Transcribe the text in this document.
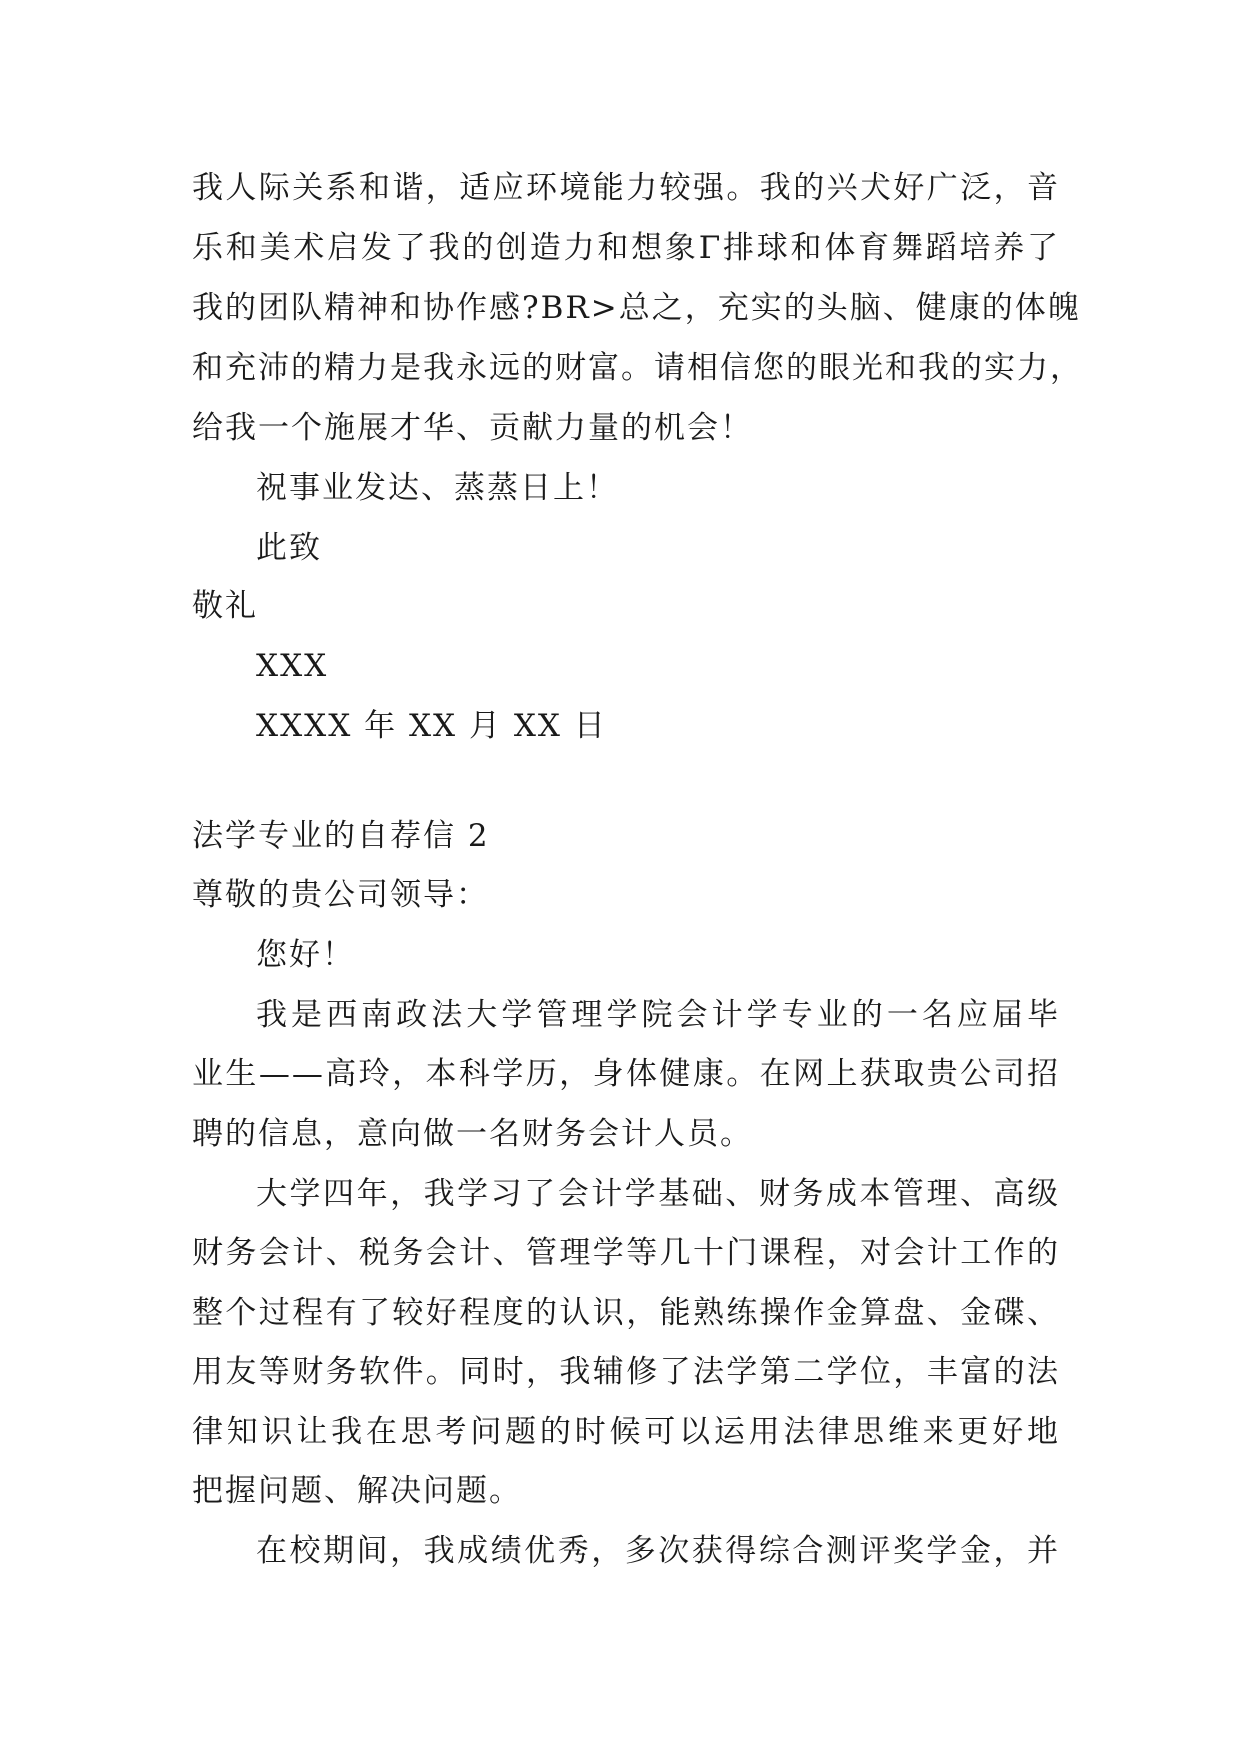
我人际关系和谐，适应环境能力较强。我的兴犬好广泛，音
乐和美术启发了我的创造力和想象Γ排球和体育舞蹈培养了
我的团队精神和协作感?BR>总之，充实的头脑、健康的体魄
和充沛的精力是我永远的财富。请相信您的眼光和我的实力，
给我一个施展才华、贡献力量的机会！
祝事业发达、蒸蒸日上！
此致
敬礼
XXX
XXXX 年 XX 月 XX 日
法学专业的自荐信 2
尊敬的贵公司领导：
您好！
我是西南政法大学管理学院会计学专业的一名应届毕
业生——高玲，本科学历，身体健康。在网上获取贵公司招
聘的信息，意向做一名财务会计人员。
大学四年，我学习了会计学基础、财务成本管理、高级
财务会计、税务会计、管理学等几十门课程，对会计工作的
整个过程有了较好程度的认识，能熟练操作金算盘、金碟、
用友等财务软件。同时，我辅修了法学第二学位，丰富的法
律知识让我在思考问题的时候可以运用法律思维来更好地
把握问题、解决问题。
在校期间，我成绩优秀，多次获得综合测评奖学金，并
